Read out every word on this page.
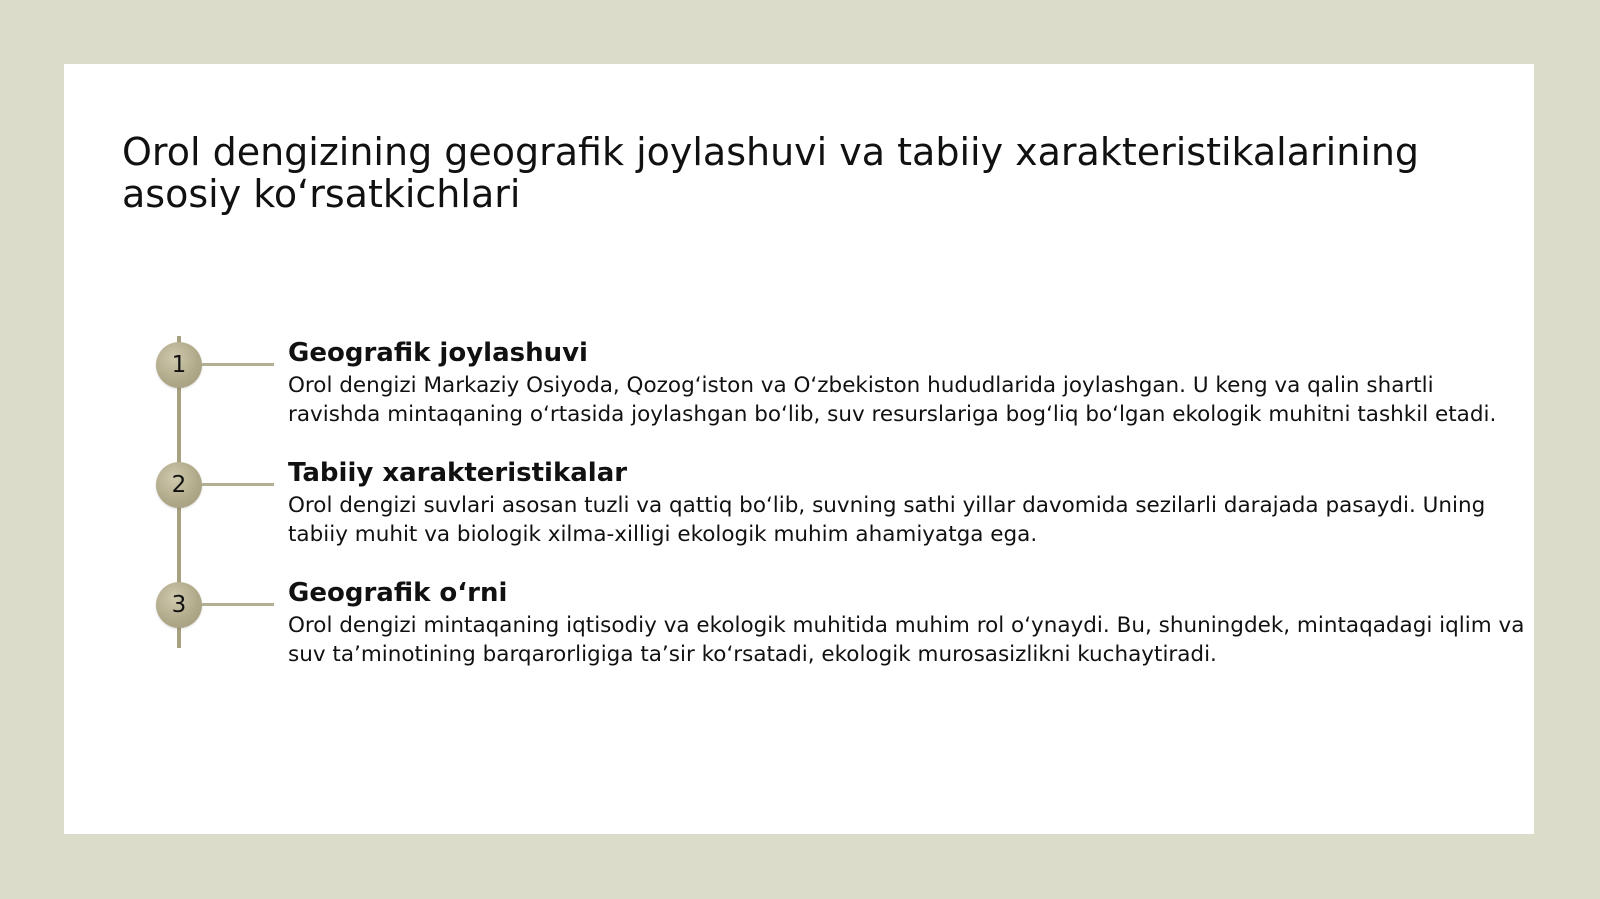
Orol dengizining geografik joylashuvi va tabiiy xarakteristikalarining asosiy ko‘rsatkichlari
1	Geografik joylashuvi

Orol dengizi Markaziy Osiyoda, Qozog‘iston va O‘zbekiston hududlarida joylashgan. U keng va qalin shartli ravishda mintaqaning o‘rtasida joylashgan bo‘lib, suv resurslariga bog‘liq bo‘lgan ekologik muhitni tashkil etadi.

2	Tabiiy xarakteristikalar

Orol dengizi suvlari asosan tuzli va qattiq bo‘lib, suvning sathi yillar davomida sezilarli darajada pasaydi. Uning tabiiy muhit va biologik xilma-xilligi ekologik muhim ahamiyatga ega.

3	Geografik o‘rni

Orol dengizi mintaqaning iqtisodiy va ekologik muhitida muhim rol o‘ynaydi. Bu, shuningdek, mintaqadagi iqlim va suv ta’minotining barqarorligiga ta’sir ko‘rsatadi, ekologik murosasizlikni kuchaytiradi.
